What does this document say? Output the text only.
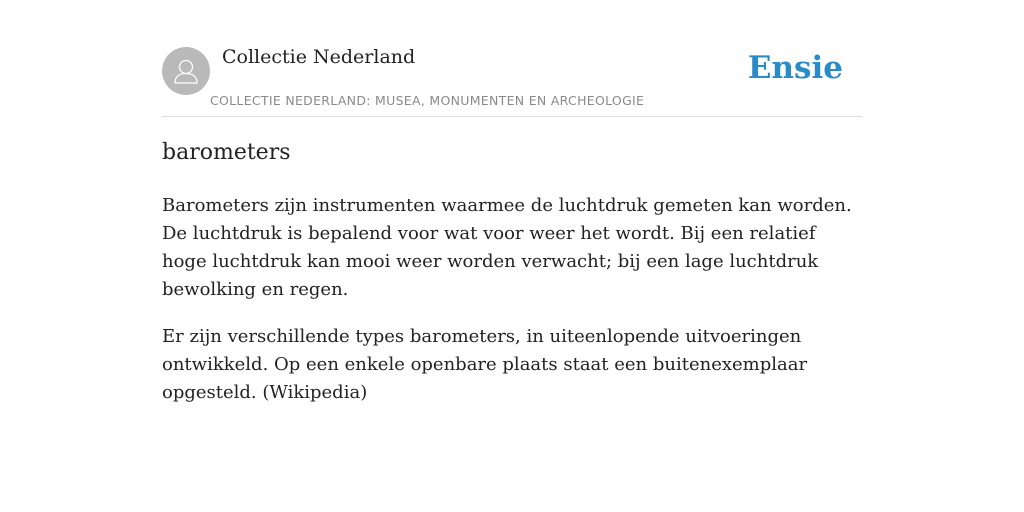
Collectie Nederland
COLLECTIE NEDERLAND: MUSEA, MONUMENTEN EN ARCHEOLOGIE
Ensie
barometers

Barometers zijn instrumenten waarmee de luchtdruk gemeten kan worden. De luchtdruk is bepalend voor wat voor weer het wordt. Bij een relatief hoge luchtdruk kan mooi weer worden verwacht; bij een lage luchtdruk bewolking en regen.

Er zijn verschillende types barometers, in uiteenlopende uitvoeringen ontwikkeld. Op een enkele openbare plaats staat een buitenexemplaar opgesteld. (Wikipedia)
